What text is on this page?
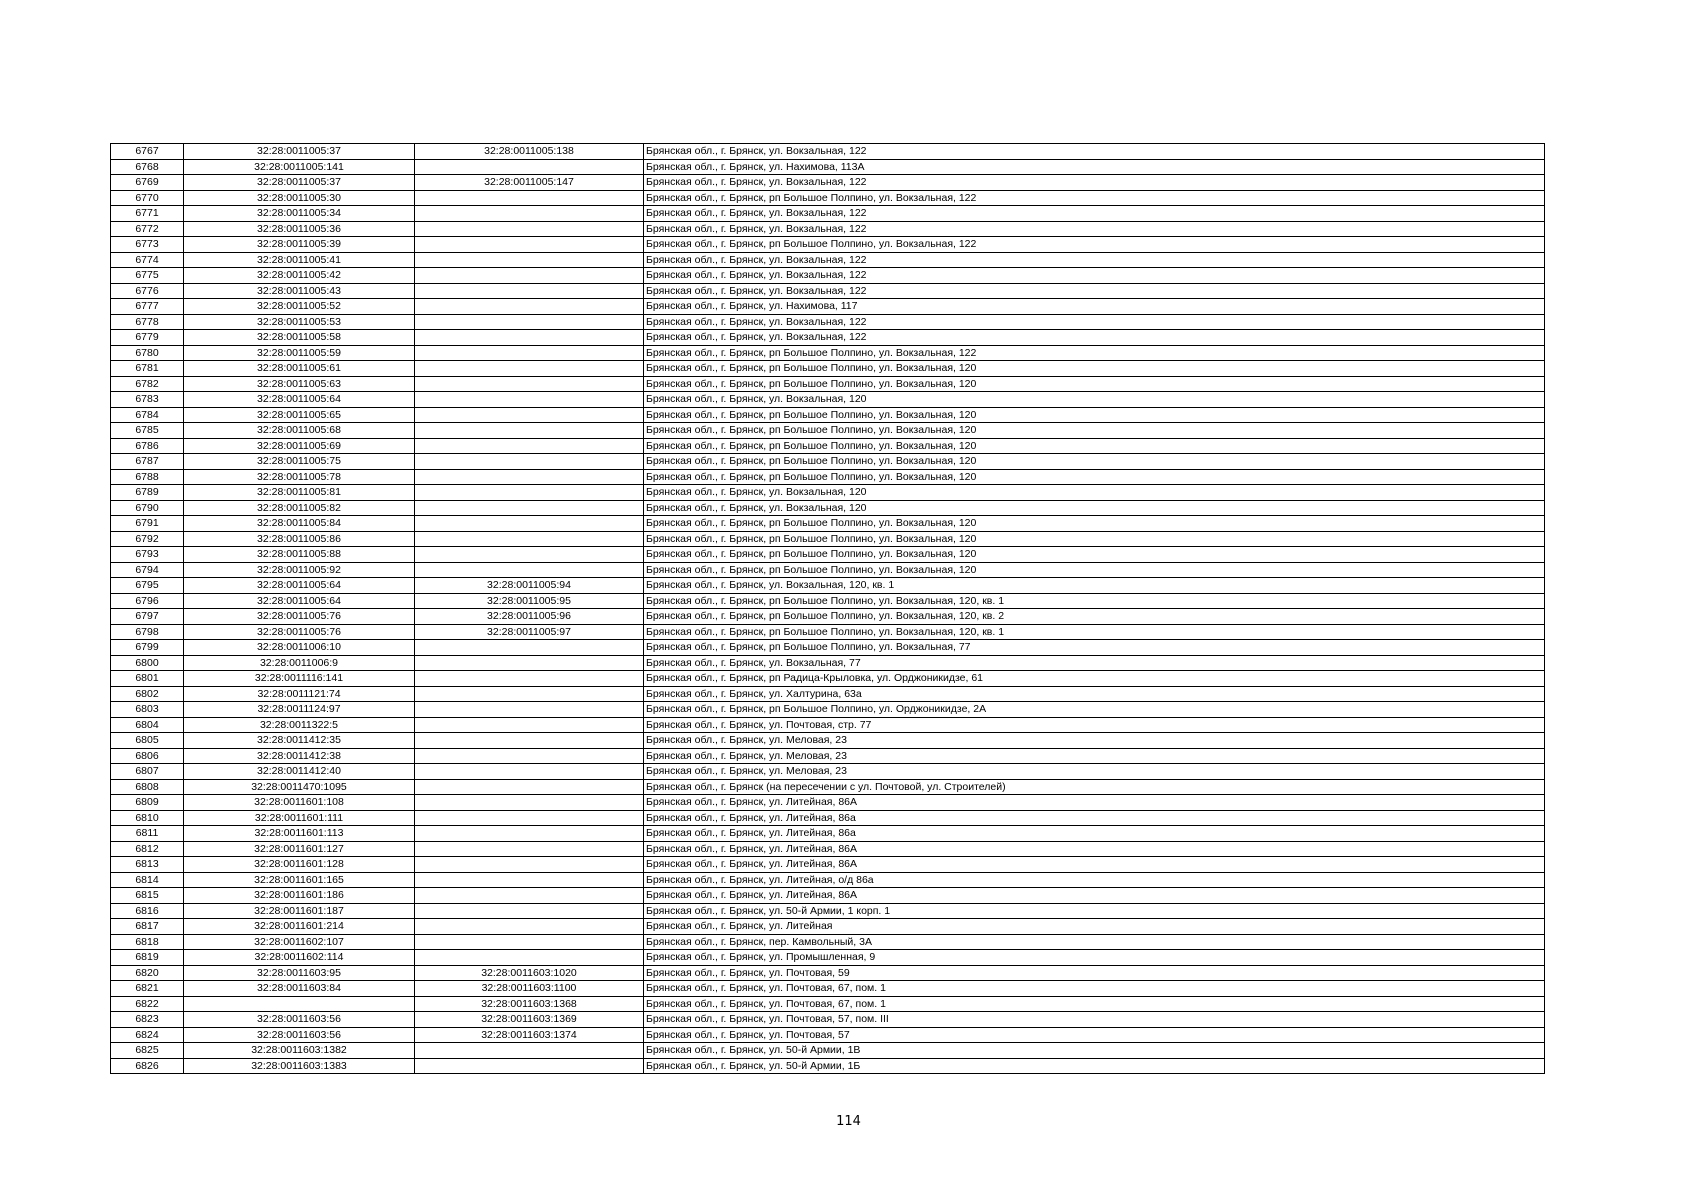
6767	32:28:0011005:37	32:28:0011005:138	Брянская обл., г. Брянск, ул. Вокзальная, 122
6768	32:28:0011005:141		Брянская обл., г. Брянск, ул. Нахимова, 113А
6769	32:28:0011005:37	32:28:0011005:147	Брянская обл., г. Брянск, ул. Вокзальная, 122
6770	32:28:0011005:30		Брянская обл., г. Брянск, рп Большое Полпино, ул. Вокзальная, 122
6771	32:28:0011005:34		Брянская обл., г. Брянск, ул. Вокзальная, 122
6772	32:28:0011005:36		Брянская обл., г. Брянск, ул. Вокзальная, 122
6773	32:28:0011005:39		Брянская обл., г. Брянск, рп Большое Полпино, ул. Вокзальная, 122
6774	32:28:0011005:41		Брянская обл., г. Брянск, ул. Вокзальная, 122
6775	32:28:0011005:42		Брянская обл., г. Брянск, ул. Вокзальная, 122
6776	32:28:0011005:43		Брянская обл., г. Брянск, ул. Вокзальная, 122
6777	32:28:0011005:52		Брянская обл., г. Брянск, ул. Нахимова, 117
6778	32:28:0011005:53		Брянская обл., г. Брянск, ул. Вокзальная, 122
6779	32:28:0011005:58		Брянская обл., г. Брянск, ул. Вокзальная, 122
6780	32:28:0011005:59		Брянская обл., г. Брянск, рп Большое Полпино, ул. Вокзальная, 122
6781	32:28:0011005:61		Брянская обл., г. Брянск, рп Большое Полпино, ул. Вокзальная, 120
6782	32:28:0011005:63		Брянская обл., г. Брянск, рп Большое Полпино, ул. Вокзальная, 120
6783	32:28:0011005:64		Брянская обл., г. Брянск, ул. Вокзальная, 120
6784	32:28:0011005:65		Брянская обл., г. Брянск, рп Большое Полпино, ул. Вокзальная, 120
6785	32:28:0011005:68		Брянская обл., г. Брянск, рп Большое Полпино, ул. Вокзальная, 120
6786	32:28:0011005:69		Брянская обл., г. Брянск, рп Большое Полпино, ул. Вокзальная, 120
6787	32:28:0011005:75		Брянская обл., г. Брянск, рп Большое Полпино, ул. Вокзальная, 120
6788	32:28:0011005:78		Брянская обл., г. Брянск, рп Большое Полпино, ул. Вокзальная, 120
6789	32:28:0011005:81		Брянская обл., г. Брянск, ул. Вокзальная, 120
6790	32:28:0011005:82		Брянская обл., г. Брянск, ул. Вокзальная, 120
6791	32:28:0011005:84		Брянская обл., г. Брянск, рп Большое Полпино, ул. Вокзальная, 120
6792	32:28:0011005:86		Брянская обл., г. Брянск, рп Большое Полпино, ул. Вокзальная, 120
6793	32:28:0011005:88		Брянская обл., г. Брянск, рп Большое Полпино, ул. Вокзальная, 120
6794	32:28:0011005:92		Брянская обл., г. Брянск, рп Большое Полпино, ул. Вокзальная, 120
6795	32:28:0011005:64	32:28:0011005:94	Брянская обл., г. Брянск, ул. Вокзальная, 120, кв. 1
6796	32:28:0011005:64	32:28:0011005:95	Брянская обл., г. Брянск, рп Большое Полпино, ул. Вокзальная, 120, кв. 1
6797	32:28:0011005:76	32:28:0011005:96	Брянская обл., г. Брянск, рп Большое Полпино, ул. Вокзальная, 120, кв. 2
6798	32:28:0011005:76	32:28:0011005:97	Брянская обл., г. Брянск, рп Большое Полпино, ул. Вокзальная, 120, кв. 1
6799	32:28:0011006:10		Брянская обл., г. Брянск, рп Большое Полпино, ул. Вокзальная, 77
6800	32:28:0011006:9		Брянская обл., г. Брянск, ул. Вокзальная, 77
6801	32:28:0011116:141		Брянская обл., г. Брянск, рп Радица-Крыловка, ул. Орджоникидзе, 61
6802	32:28:0011121:74		Брянская обл., г. Брянск, ул. Халтурина, 63а
6803	32:28:0011124:97		Брянская обл., г. Брянск, рп Большое Полпино, ул. Орджоникидзе, 2А
6804	32:28:0011322:5		Брянская обл., г. Брянск, ул. Почтовая, стр. 77
6805	32:28:0011412:35		Брянская обл., г. Брянск, ул. Меловая, 23
6806	32:28:0011412:38		Брянская обл., г. Брянск, ул. Меловая, 23
6807	32:28:0011412:40		Брянская обл., г. Брянск, ул. Меловая, 23
6808	32:28:0011470:1095		Брянская обл., г. Брянск (на пересечении с ул. Почтовой, ул. Строителей)
6809	32:28:0011601:108		Брянская обл., г. Брянск, ул. Литейная, 86А
6810	32:28:0011601:111		Брянская обл., г. Брянск, ул. Литейная, 86а
6811	32:28:0011601:113		Брянская обл., г. Брянск, ул. Литейная, 86а
6812	32:28:0011601:127		Брянская обл., г. Брянск, ул. Литейная, 86А
6813	32:28:0011601:128		Брянская обл., г. Брянск, ул. Литейная, 86А
6814	32:28:0011601:165		Брянская обл., г. Брянск, ул. Литейная, о/д 86а
6815	32:28:0011601:186		Брянская обл., г. Брянск, ул. Литейная, 86А
6816	32:28:0011601:187		Брянская обл., г. Брянск, ул. 50-й Армии, 1 корп. 1
6817	32:28:0011601:214		Брянская обл., г. Брянск, ул. Литейная
6818	32:28:0011602:107		Брянская обл., г. Брянск, пер. Камвольный, 3А
6819	32:28:0011602:114		Брянская обл., г. Брянск, ул. Промышленная, 9
6820	32:28:0011603:95	32:28:0011603:1020	Брянская обл., г. Брянск, ул. Почтовая, 59
6821	32:28:0011603:84	32:28:0011603:1100	Брянская обл., г. Брянск, ул. Почтовая, 67, пом. 1
6822		32:28:0011603:1368	Брянская обл., г. Брянск, ул. Почтовая, 67, пом. 1
6823	32:28:0011603:56	32:28:0011603:1369	Брянская обл., г. Брянск, ул. Почтовая, 57, пом. III
6824	32:28:0011603:56	32:28:0011603:1374	Брянская обл., г. Брянск, ул. Почтовая, 57
6825	32:28:0011603:1382		Брянская обл., г. Брянск, ул. 50-й Армии, 1В
6826	32:28:0011603:1383		Брянская обл., г. Брянск, ул. 50-й Армии, 1Б
114
